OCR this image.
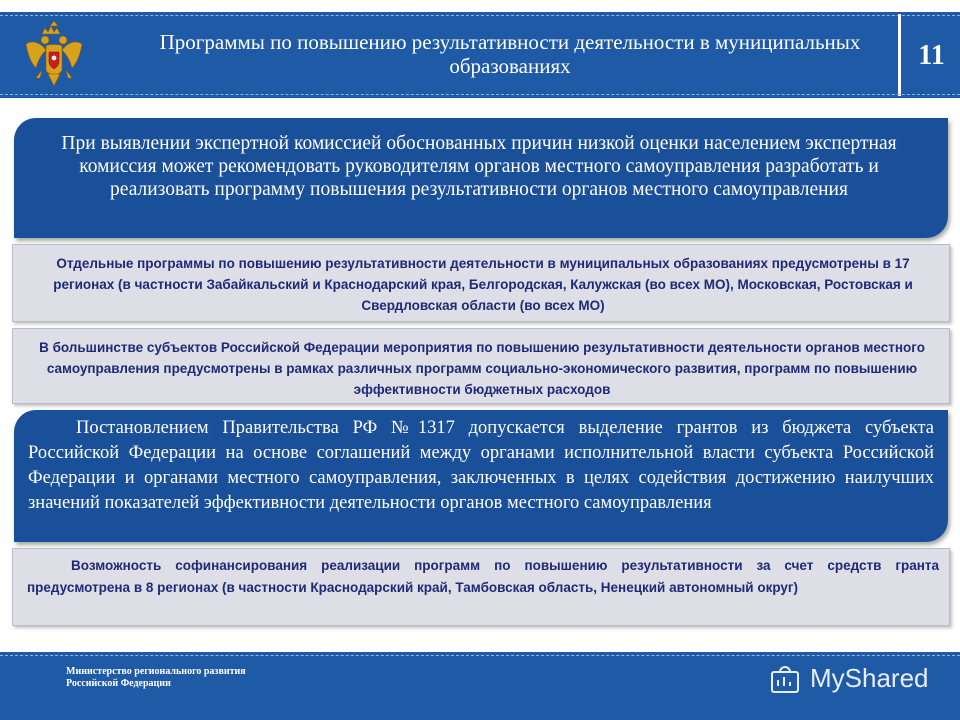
Программы по повышению результативности деятельности в муниципальных образованиях	11

При выявлении экспертной комиссией обоснованных причин низкой оценки населением экспертная комиссия может рекомендовать руководителям органов местного самоуправления разработать и реализовать программу повышения результативности органов местного самоуправления

Отдельные программы по повышению результативности деятельности в муниципальных образованиях предусмотрены в 17 регионах (в частности Забайкальский и Краснодарский края, Белгородская, Калужская (во всех МО), Московская, Ростовская и Свердловская области (во всех МО)

В большинстве субъектов Российской Федерации мероприятия по повышению результативности деятельности органов местного самоуправления предусмотрены в рамках различных программ социально-экономического развития, программ по повышению эффективности бюджетных расходов

Постановлением Правительства РФ №1317 допускается выделение грантов из бюджета субъекта Российской Федерации на основе соглашений между органами исполнительной власти субъекта Российской Федерации и органами местного самоуправления, заключенных в целях содействия достижению наилучших значений показателей эффективности деятельности органов местного самоуправления

Возможность софинансирования реализации программ по повышению результативности за счет средств гранта предусмотрена в 8 регионах (в частности Краснодарский край, Тамбовская область, Ненецкий автономный округ)

Министерство регионального развития Российской Федерации	MyShared
